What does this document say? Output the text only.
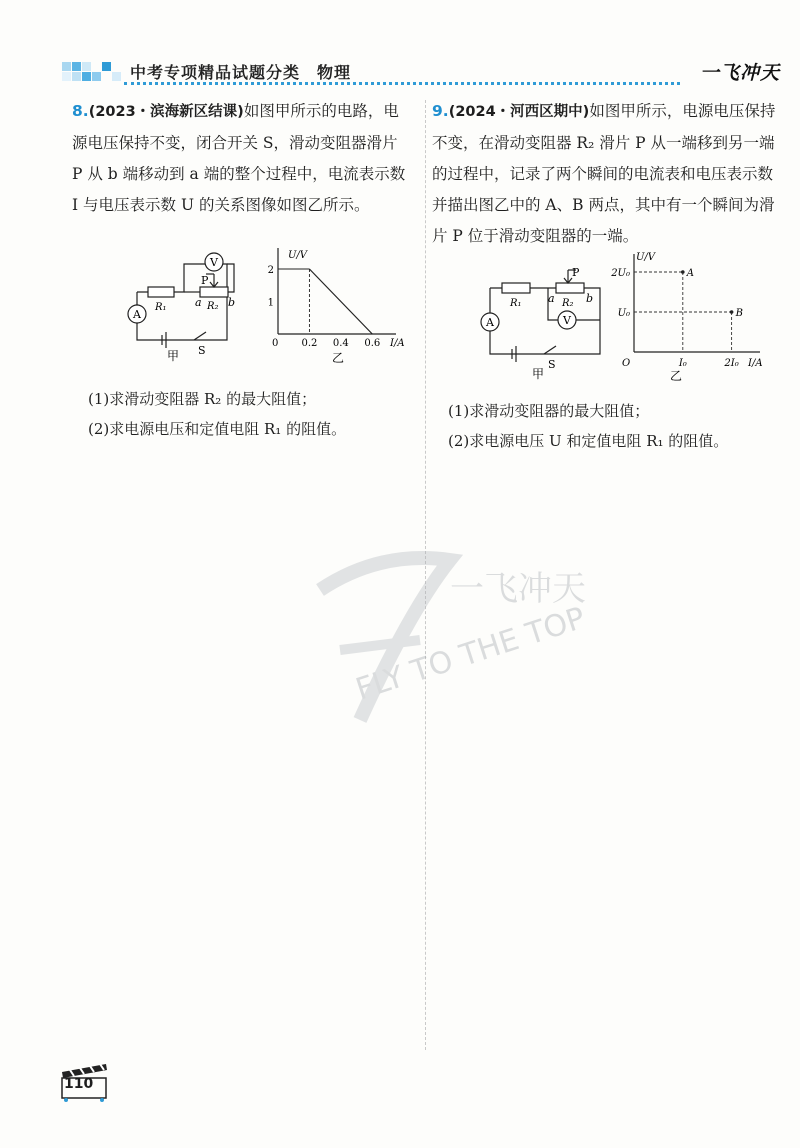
中考专项精品试题分类　物理	一飞冲天
一飞冲天
FLY TO THE TOP

8.(2023・滨海新区结课)如图甲所示的电路，电源电压保持不变，闭合开关 S，滑动变阻器滑片 P 从 b 端移动到 a 端的整个过程中，电流表示数 I 与电压表示数 U 的关系图像如图乙所示。

V
A
P
R₁	R₂
a b
S
甲
U/V
I/A
0 0.2 0.4 0.6
1
2
乙

(1)求滑动变阻器 R₂ 的最大阻值；

(2)求电源电压和定值电阻 R₁ 的阻值。

9.(2024・河西区期中)如图甲所示，电源电压保持不变，在滑动变阻器 R₂ 滑片 P 从一端移到另一端的过程中，记录了两个瞬间的电流表和电压表示数并描出图乙中的 A、B 两点，其中有一个瞬间为滑片 P 位于滑动变阻器的一端。

V
A
P
R₁	R₂
a	b
S
甲
U/V
I/A
O	I₀	2I₀
U₀
2U₀	A
B
乙

(1)求滑动变阻器的最大阻值；

(2)求电源电压 U 和定值电阻 R₁ 的阻值。

110
